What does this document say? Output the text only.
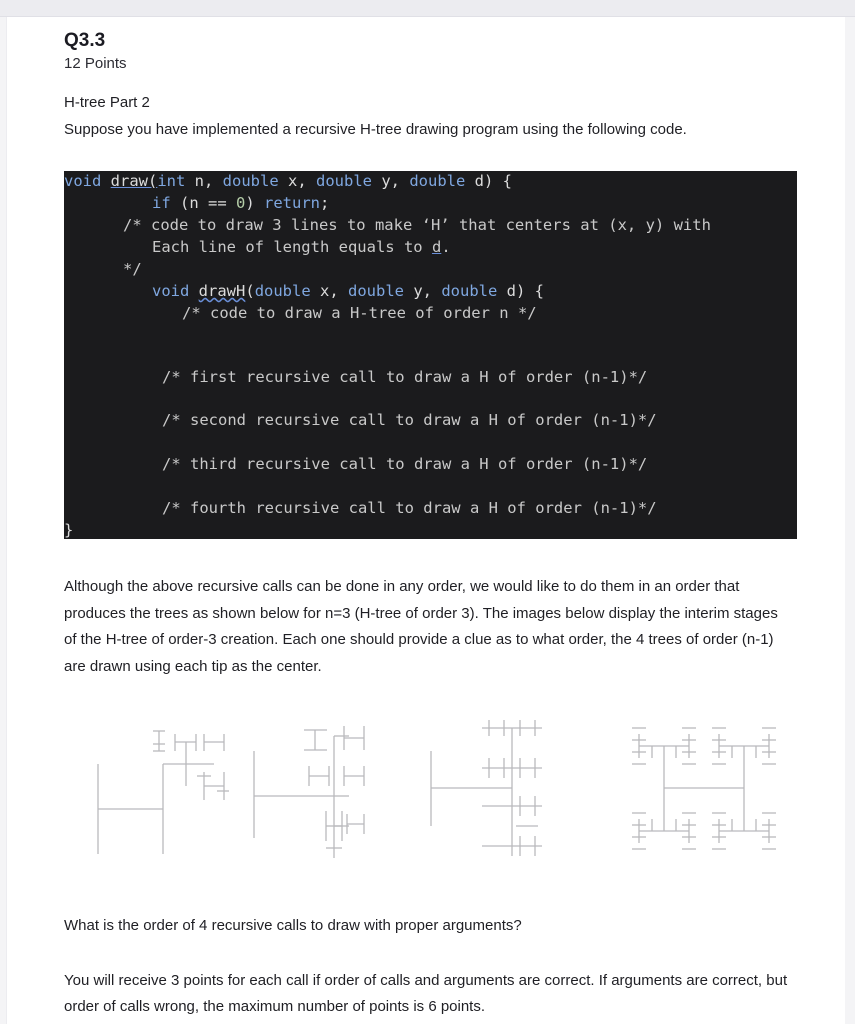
Q3.3
12 Points
H-tree Part 2
Suppose you have implemented a recursive H-tree drawing program using the following code.

void draw(int n, double x, double y, double d) {

if (n == 0) return;

/* code to draw 3 lines to make ‘H’ that centers at (x, y) with

Each line of length equals to d.

*/

void drawH(double x, double y, double d) {

/* code to draw a H-tree of order n */

/* first recursive call to draw a H of order (n-1)*/

/* second recursive call to draw a H of order (n-1)*/

/* third recursive call to draw a H of order (n-1)*/

/* fourth recursive call to draw a H of order (n-1)*/

}

Although the above recursive calls can be done in any order, we would like to do them in an order that produces the trees as shown below for n=3 (H-tree of order 3). The images below display the interim stages of the H-tree of order-3 creation. Each one should provide a clue as to what order, the 4 trees of order (n-1) are drawn using each tip as the center.
What is the order of 4 recursive calls to draw with proper arguments?
You will receive 3 points for each call if order of calls and arguments are correct. If arguments are correct, but order of calls wrong, the maximum number of points is 6 points.
